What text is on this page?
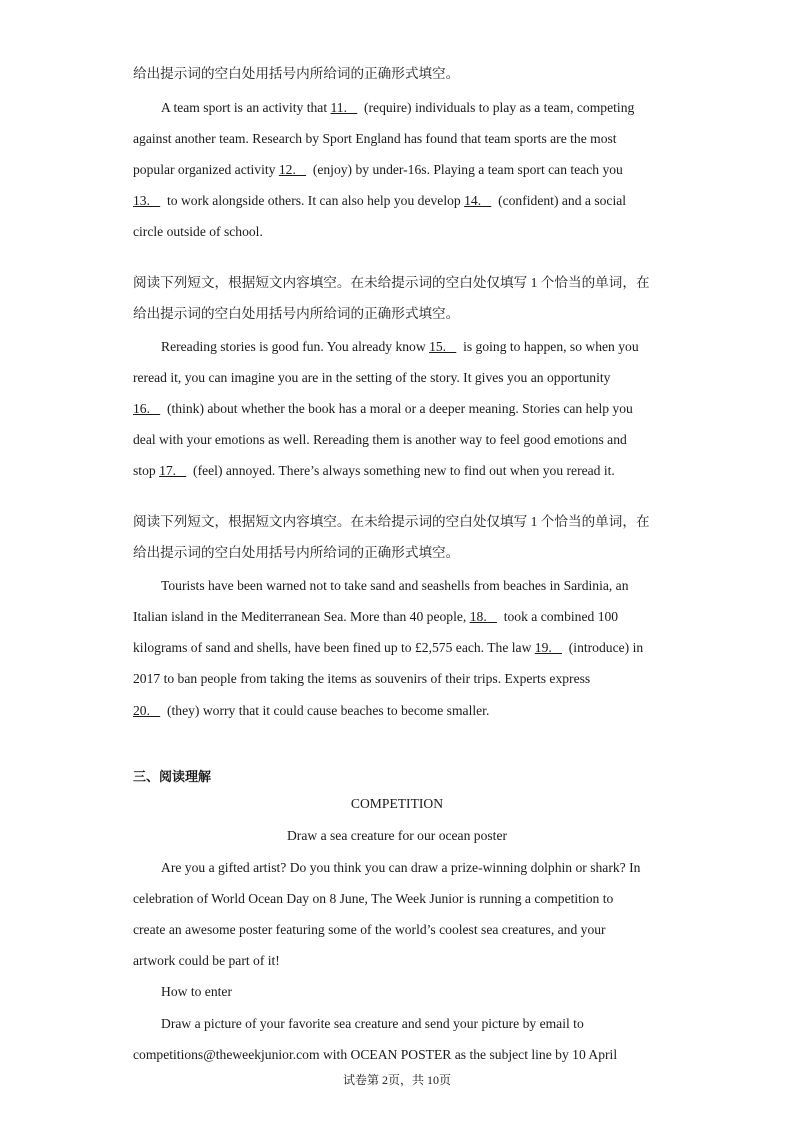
给出提示词的空白处用括号内所给词的正确形式填空。
A team sport is an activity that 11.     (require) individuals to play as a team, competing
against another team. Research by Sport England has found that team sports are the most
popular organized activity 12.     (enjoy) by under-16s. Playing a team sport can teach you
13.     to work alongside others. It can also help you develop 14.     (confident) and a social
circle outside of school.
阅读下列短文，根据短文内容填空。在未给提示词的空白处仅填写 1 个恰当的单词，在
给出提示词的空白处用括号内所给词的正确形式填空。
Rereading stories is good fun. You already know 15.     is going to happen, so when you
reread it, you can imagine you are in the setting of the story. It gives you an opportunity
16.     (think) about whether the book has a moral or a deeper meaning. Stories can help you
deal with your emotions as well. Rereading them is another way to feel good emotions and
stop 17.     (feel) annoyed. There’s always something new to find out when you reread it.
阅读下列短文，根据短文内容填空。在未给提示词的空白处仅填写 1 个恰当的单词，在
给出提示词的空白处用括号内所给词的正确形式填空。
Tourists have been warned not to take sand and seashells from beaches in Sardinia, an
Italian island in the Mediterranean Sea. More than 40 people, 18.     took a combined 100
kilograms of sand and shells, have been fined up to £2,575 each. The law 19.     (introduce) in
2017 to ban people from taking the items as souvenirs of their trips. Experts express
20.     (they) worry that it could cause beaches to become smaller.
三、阅读理解
COMPETITION
Draw a sea creature for our ocean poster
Are you a gifted artist? Do you think you can draw a prize-winning dolphin or shark? In
celebration of World Ocean Day on 8 June, The Week Junior is running a competition to
create an awesome poster featuring some of the world’s coolest sea creatures, and your
artwork could be part of it!
How to enter
Draw a picture of your favorite sea creature and send your picture by email to
competitions@theweekjunior.com with OCEAN POSTER as the subject line by 10 April
试卷第 2页，共 10页
